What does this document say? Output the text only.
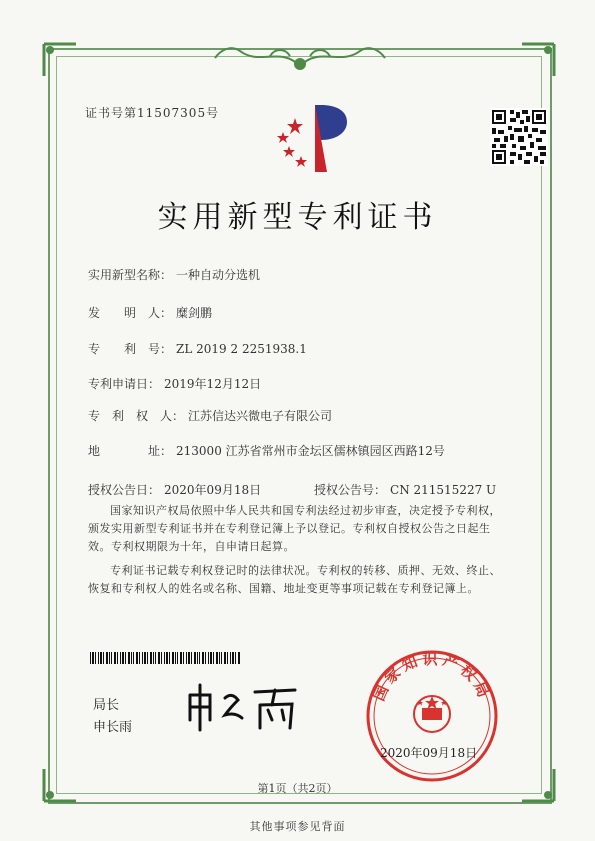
证书号第11507305号
实用新型专利证书
实用新型名称： 一种自动分选机
发　　明　人： 糜剑鹏
专　　利　号： ZL 2019 2 2251938.1
专利申请日： 2019年12月12日
专　利　权　人： 江苏信达兴微电子有限公司
地　　　　址： 213000 江苏省常州市金坛区儒林镇园区西路12号
授权公告日： 2020年09月18日	授权公告号： CN 211515227 U
国家知识产权局依照中华人民共和国专利法经过初步审查，决定授予专利权，颁发实用新型专利证书并在专利登记簿上予以登记。专利权自授权公告之日起生效。专利权期限为十年，自申请日起算。
专利证书记载专利权登记时的法律状况。专利权的转移、质押、无效、终止、恢复和专利权人的姓名或名称、国籍、地址变更等事项记载在专利登记簿上。
局长
申长雨
国家知识产权局
2020年09月18日
第1页（共2页）
其他事项参见背面
